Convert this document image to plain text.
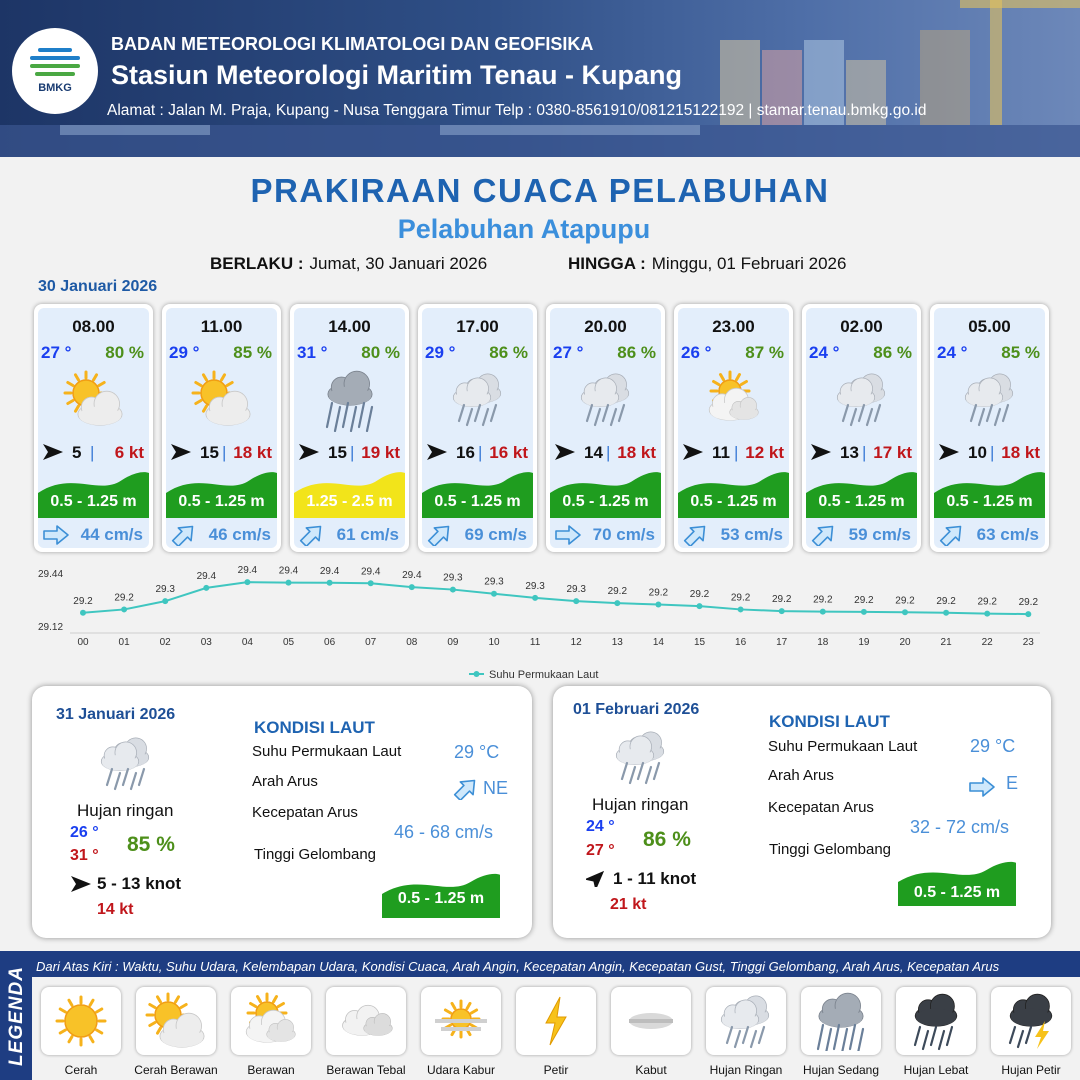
BMKG
BADAN METEOROLOGI KLIMATOLOGI DAN GEOFISIKA
Stasiun Meteorologi Maritim Tenau - Kupang
Alamat : Jalan M. Praja, Kupang - Nusa Tenggara Timur Telp : 0380-8561910/081215122192 | stamar.tenau.bmkg.go.id
PRAKIRAAN CUACA PELABUHAN
Pelabuhan Atapupu
BERLAKU : Jumat, 30 Januari 2026	HINGGA : Minggu, 01 Februari 2026
30 Januari 2026
08.00
27 ° 80 %
5 | 6 kt
0.5 - 1.25 m
44 cm/s
11.00
29 ° 85 %
15 | 18 kt
0.5 - 1.25 m
46 cm/s
14.00
31 ° 80 %
15 | 19 kt
1.25 - 2.5 m
61 cm/s
17.00
29 ° 86 %
16 | 16 kt
0.5 - 1.25 m
69 cm/s
20.00
27 ° 86 %
14 | 18 kt
0.5 - 1.25 m
70 cm/s
23.00
26 ° 87 %
11 | 12 kt
0.5 - 1.25 m
53 cm/s
02.00
24 ° 86 %
13 | 17 kt
0.5 - 1.25 m
59 cm/s
05.00
24 ° 85 %
10 | 18 kt
0.5 - 1.25 m
63 cm/s
29.44
29.12
29.2
00
29.2
01
29.3
02
29.4
03
29.4
04
29.4
05
29.4
06
29.4
07
29.4
08
29.3
09
29.3
10
29.3
11
29.3
12
29.2
13
29.2
14
29.2
15
29.2
16
29.2
17
29.2
18
29.2
19
29.2
20
29.2
21
29.2
22
29.2
23
Suhu Permukaan Laut
31 Januari 2026
Hujan ringan
26 °
31 ° 85 %
5 - 13 knot
14 kt
KONDISI LAUT
Suhu Permukaan Laut	29 °C
Arah Arus	NE
Kecepatan Arus
46 - 68 cm/s
Tinggi Gelombang
0.5 - 1.25 m
01 Februari 2026
Hujan ringan
24 °
27 ° 86 %
1 - 11 knot
21 kt
KONDISI LAUT
Suhu Permukaan Laut	29 °C
Arah Arus	E
Kecepatan Arus
32 - 72 cm/s
Tinggi Gelombang
0.5 - 1.25 m
LEGENDA Dari Atas Kiri : Waktu, Suhu Udara, Kelembapan Udara, Kondisi Cuaca, Arah Angin, Kecepatan Angin, Kecepatan Gust, Tinggi Gelombang, Arah Arus, Kecepatan Arus
Cerah	Cerah Berawan	Berawan	Berawan Tebal	Udara Kabur	Petir	Kabut	Hujan Ringan	Hujan Sedang	Hujan Lebat	Hujan Petir
